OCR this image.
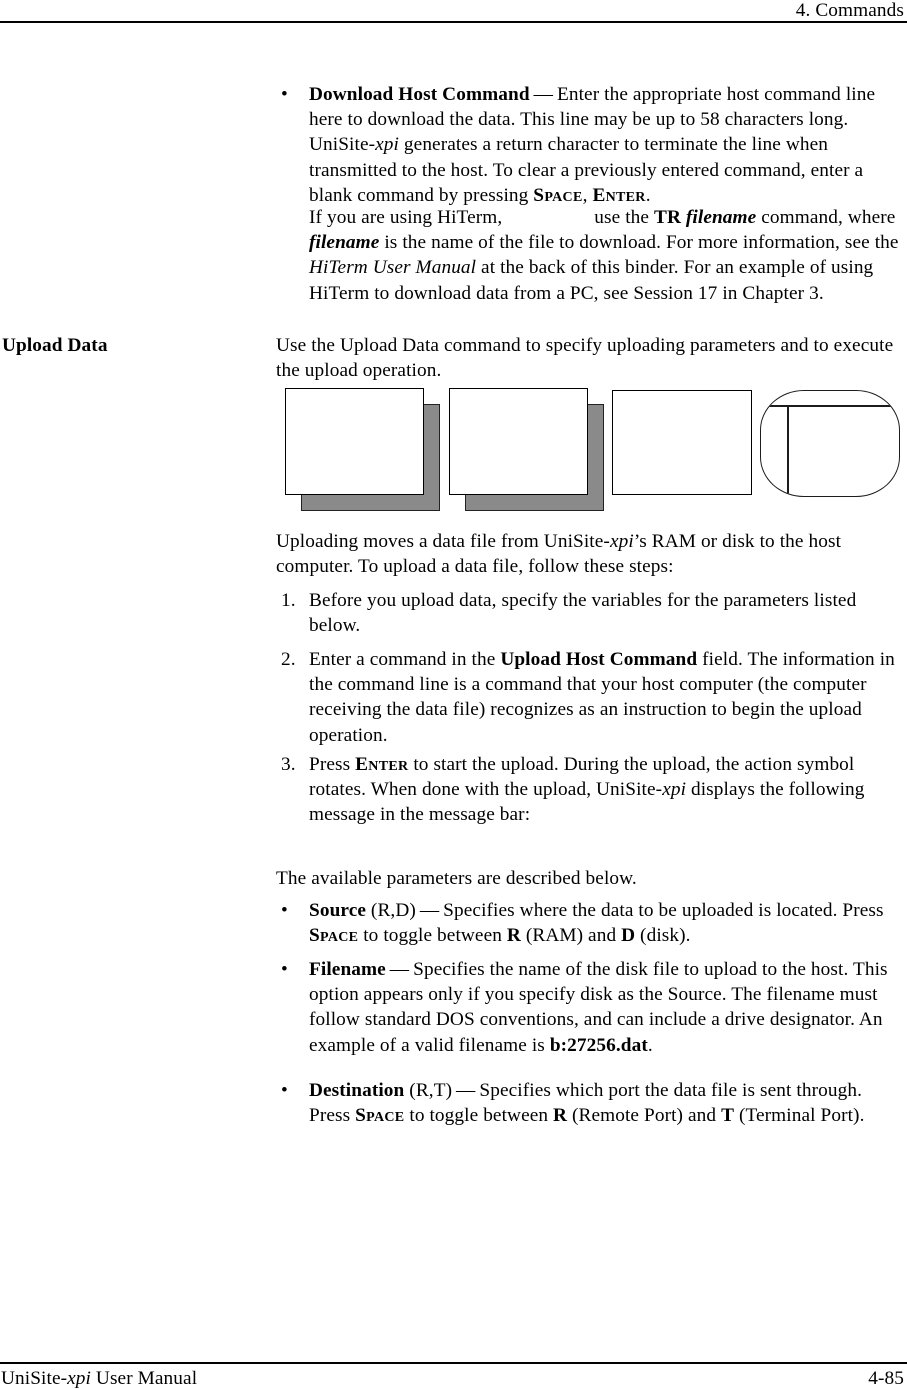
4. Commands
• Download Host Command — Enter the appropriate host command line here to download the data. This line may be up to 58 characters long. UniSite-xpi generates a return character to terminate the line when transmitted to the host. To clear a previously entered command, enter a blank command by pressing Space, Enter.
If you are using HiTerm,	use the TR filename command, where filename is the name of the file to download. For more information, see the HiTerm User Manual at the back of this binder. For an example of using HiTerm to download data from a PC, see Session 17 in Chapter 3.
Upload Data	Use the Upload Data command to specify uploading parameters and to execute the upload operation.
Uploading moves a data file from UniSite-xpi’s RAM or disk to the host computer. To upload a data file, follow these steps:
1. Before you upload data, specify the variables for the parameters listed below.
2. Enter a command in the Upload Host Command field. The information in the command line is a command that your host computer (the computer receiving the data file) recognizes as an instruction to begin the upload operation.
3. Press Enter to start the upload. During the upload, the action symbol rotates. When done with the upload, UniSite-xpi displays the following message in the message bar:
The available parameters are described below.
• Source (R,D) — Specifies where the data to be uploaded is located. Press Space to toggle between R (RAM) and D (disk).
• Filename — Specifies the name of the disk file to upload to the host. This option appears only if you specify disk as the Source. The filename must follow standard DOS conventions, and can include a drive designator. An example of a valid filename is b:27256.dat.
• Destination (R,T) — Specifies which port the data file is sent through. Press Space to toggle between R (Remote Port) and T (Terminal Port).
UniSite-xpi User Manual	4-85
